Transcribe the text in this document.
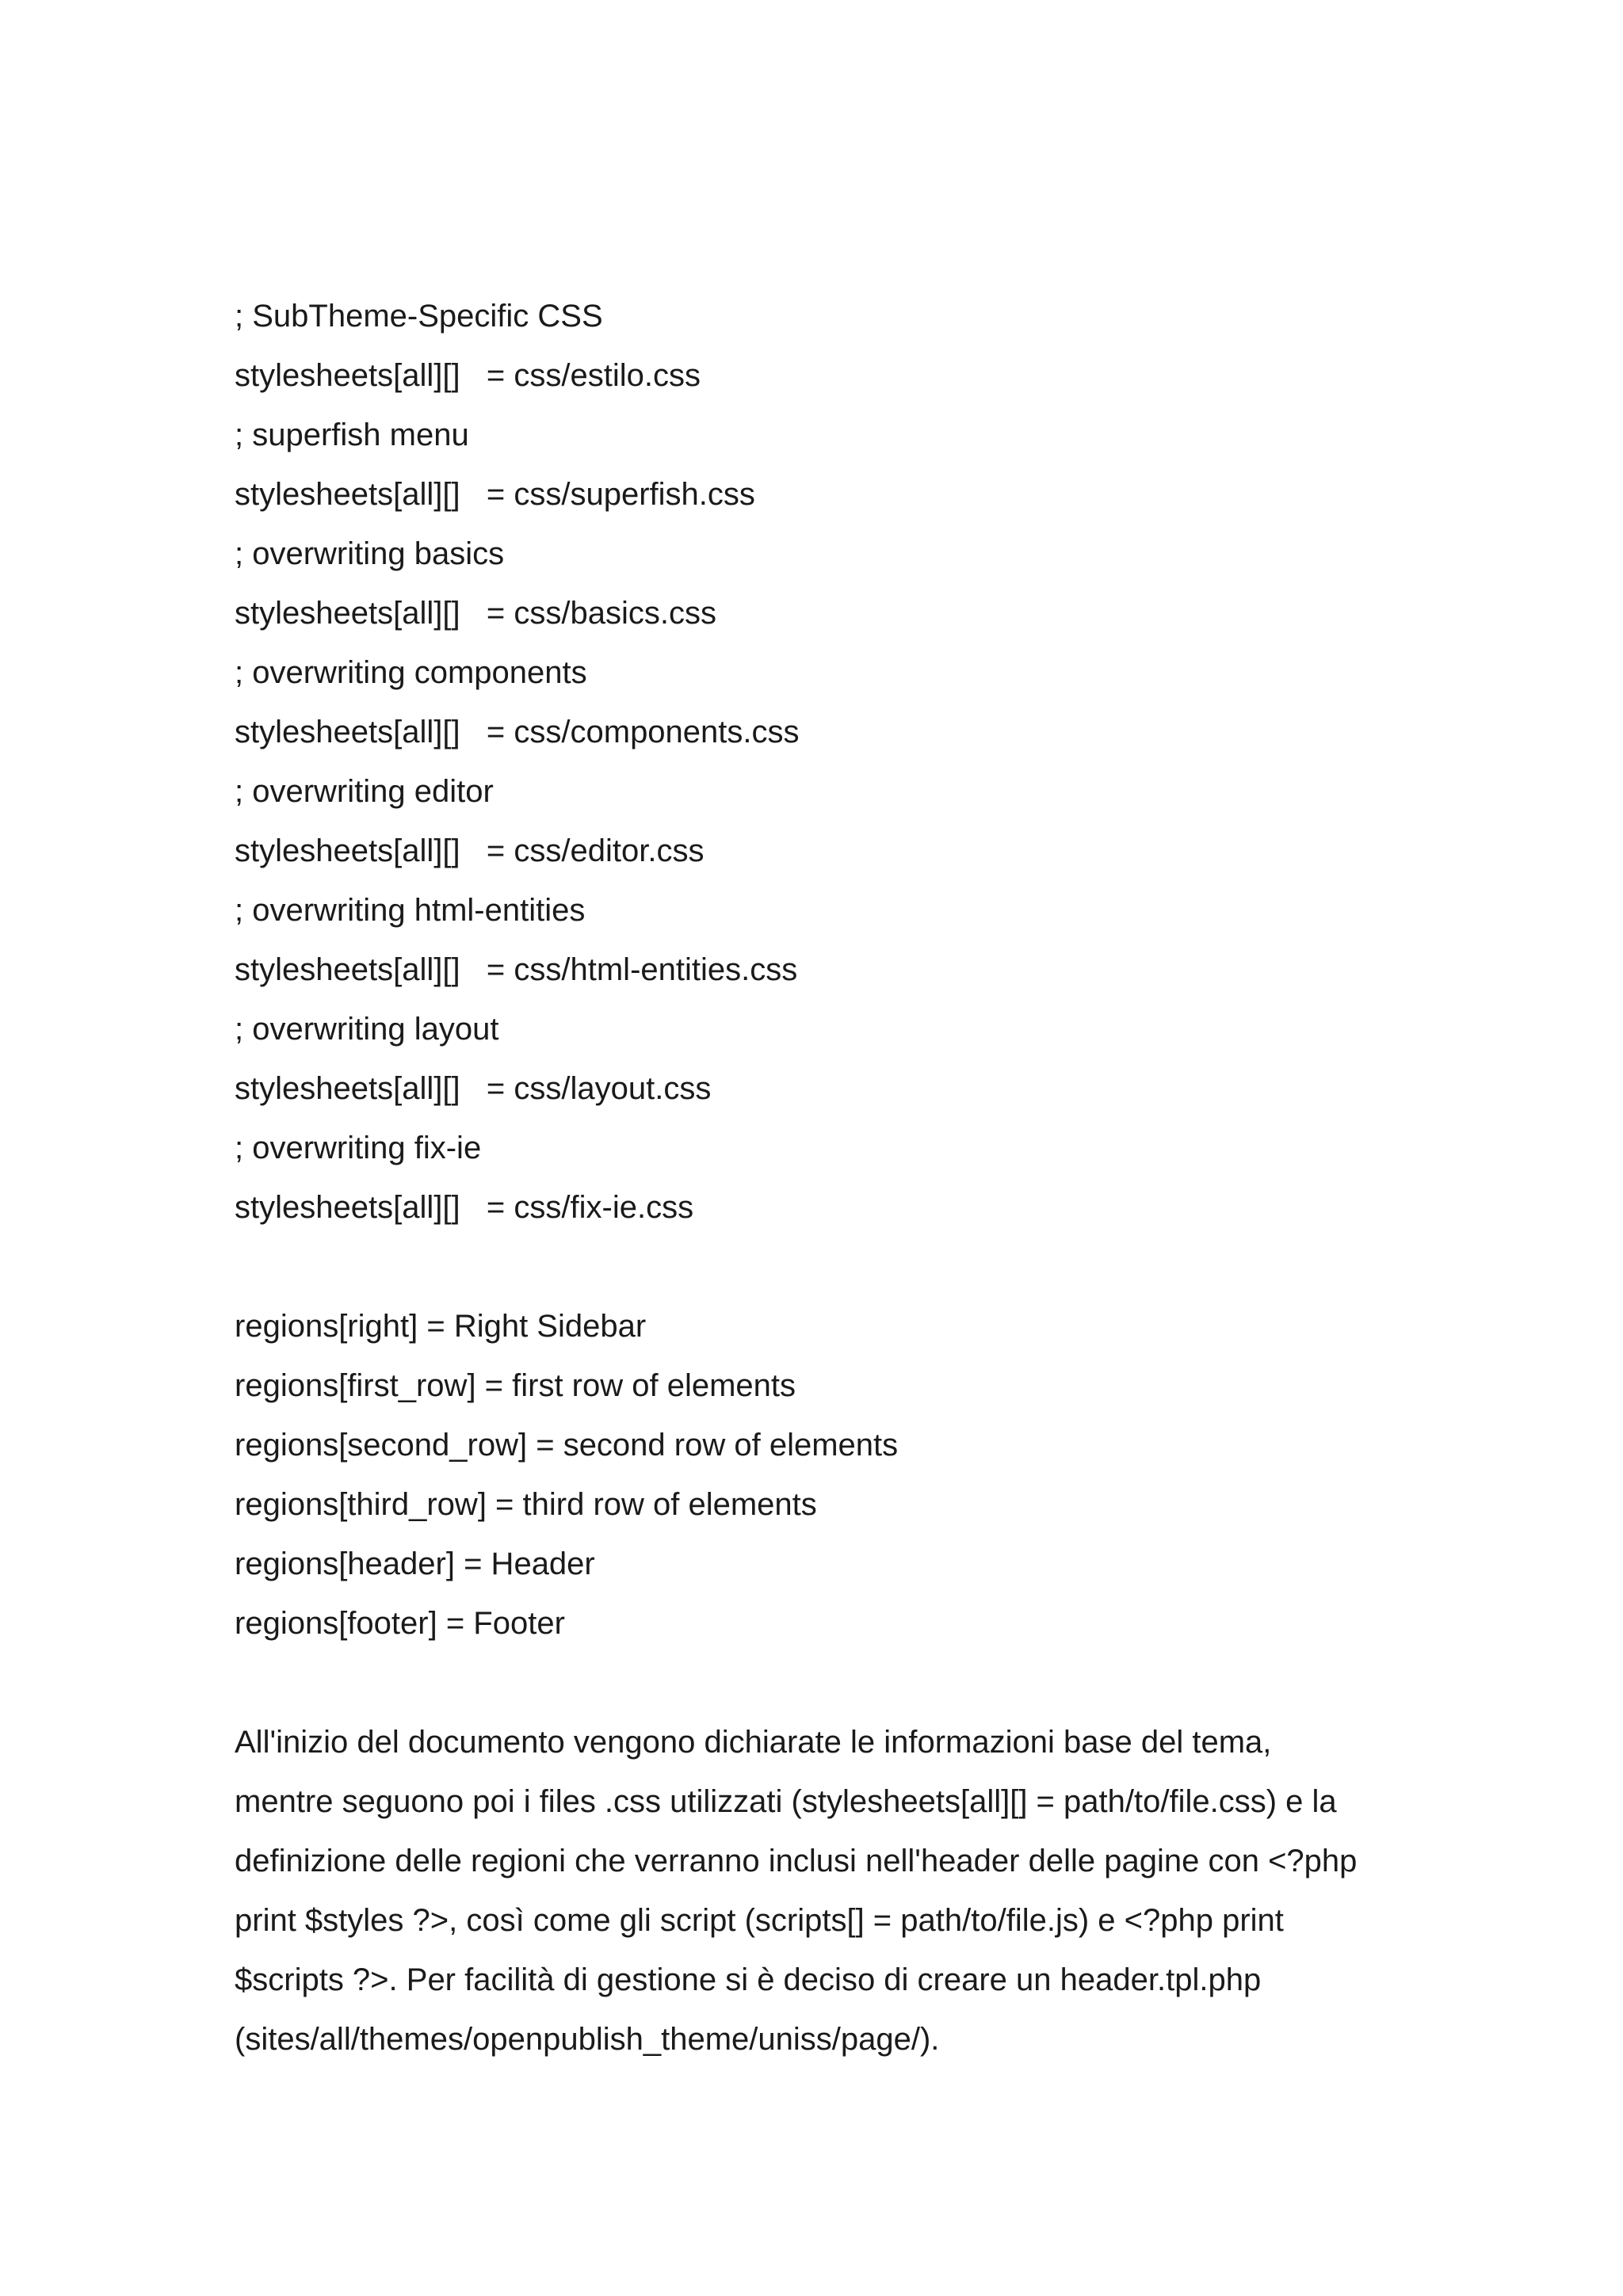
; SubTheme-Specific CSS
stylesheets[all][]   = css/estilo.css
; superfish menu
stylesheets[all][]   = css/superfish.css
; overwriting basics
stylesheets[all][]   = css/basics.css
; overwriting components
stylesheets[all][]   = css/components.css
; overwriting editor
stylesheets[all][]   = css/editor.css
; overwriting html-entities
stylesheets[all][]   = css/html-entities.css
; overwriting layout
stylesheets[all][]   = css/layout.css
; overwriting fix-ie
stylesheets[all][]   = css/fix-ie.css
regions[right] = Right Sidebar
regions[first_row] = first row of elements
regions[second_row] = second row of elements
regions[third_row] = third row of elements
regions[header] = Header
regions[footer] = Footer
All'inizio del documento vengono dichiarate le informazioni base del tema,
mentre seguono poi i files .css utilizzati (stylesheets[all][] = path/to/file.css) e la
definizione delle regioni che verranno inclusi nell'header delle pagine con <?php
print $styles ?>, così come gli script (scripts[] = path/to/file.js) e <?php print
$scripts ?>. Per facilità di gestione si è deciso di creare un header.tpl.php
(sites/all/themes/openpublish_theme/uniss/page/).
